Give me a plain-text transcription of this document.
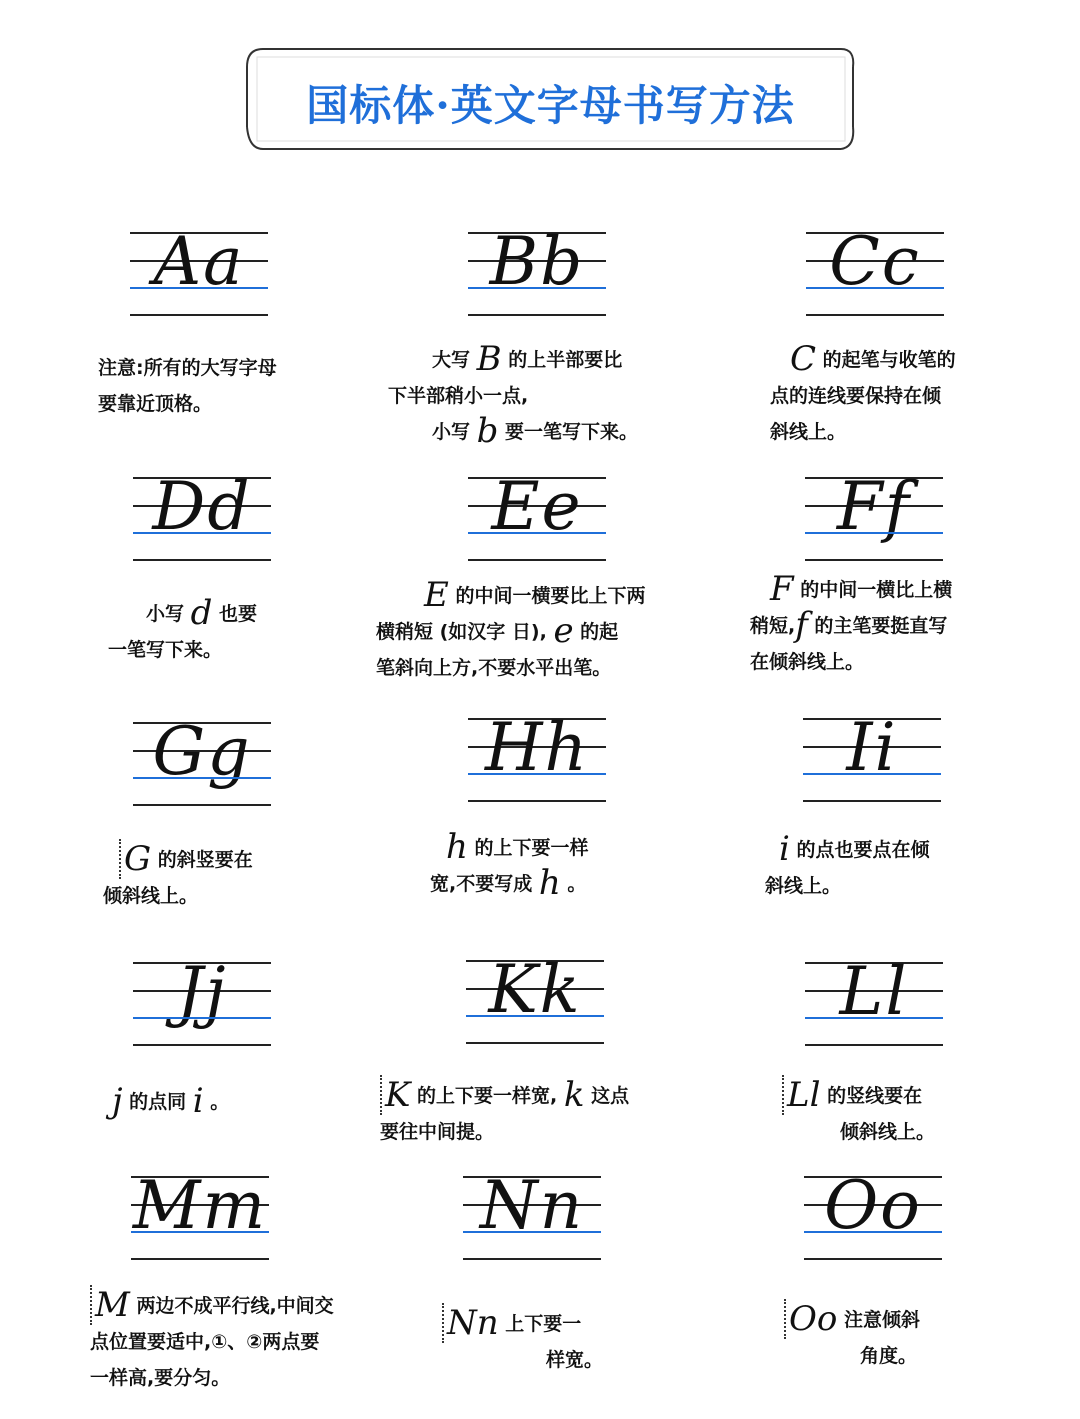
国标体·英文字母书写方法
Aa
注意:所有的大写字母
要靠近顶格。
Bb
大写 B 的上半部要比
下半部稍小一点,
小写 b 要一笔写下来。
Cc
C 的起笔与收笔的
点的连线要保持在倾
斜线上。
Dd
小写 d 也要
一笔写下来。
Ee
E 的中间一横要比上下两
横稍短 (如汉字 日), e 的起
笔斜向上方,不要水平出笔。
Ff
F 的中间一横比上横
稍短,f 的主笔要挺直写
在倾斜线上。
Gg
G 的斜竖要在
倾斜线上。
Hh
h 的上下要一样
宽,不要写成 h 。
Ii
i 的点也要点在倾
斜线上。
Jj
j 的点同 i 。
Kk
K 的上下要一样宽, k 这点
要往中间提。
Ll
Ll 的竖线要在
倾斜线上。
Mm
M 两边不成平行线,中间交
点位置要适中,①、②两点要
一样高,要分匀。
Nn
Nn 上下要一
样宽。
Oo
Oo 注意倾斜
角度。
